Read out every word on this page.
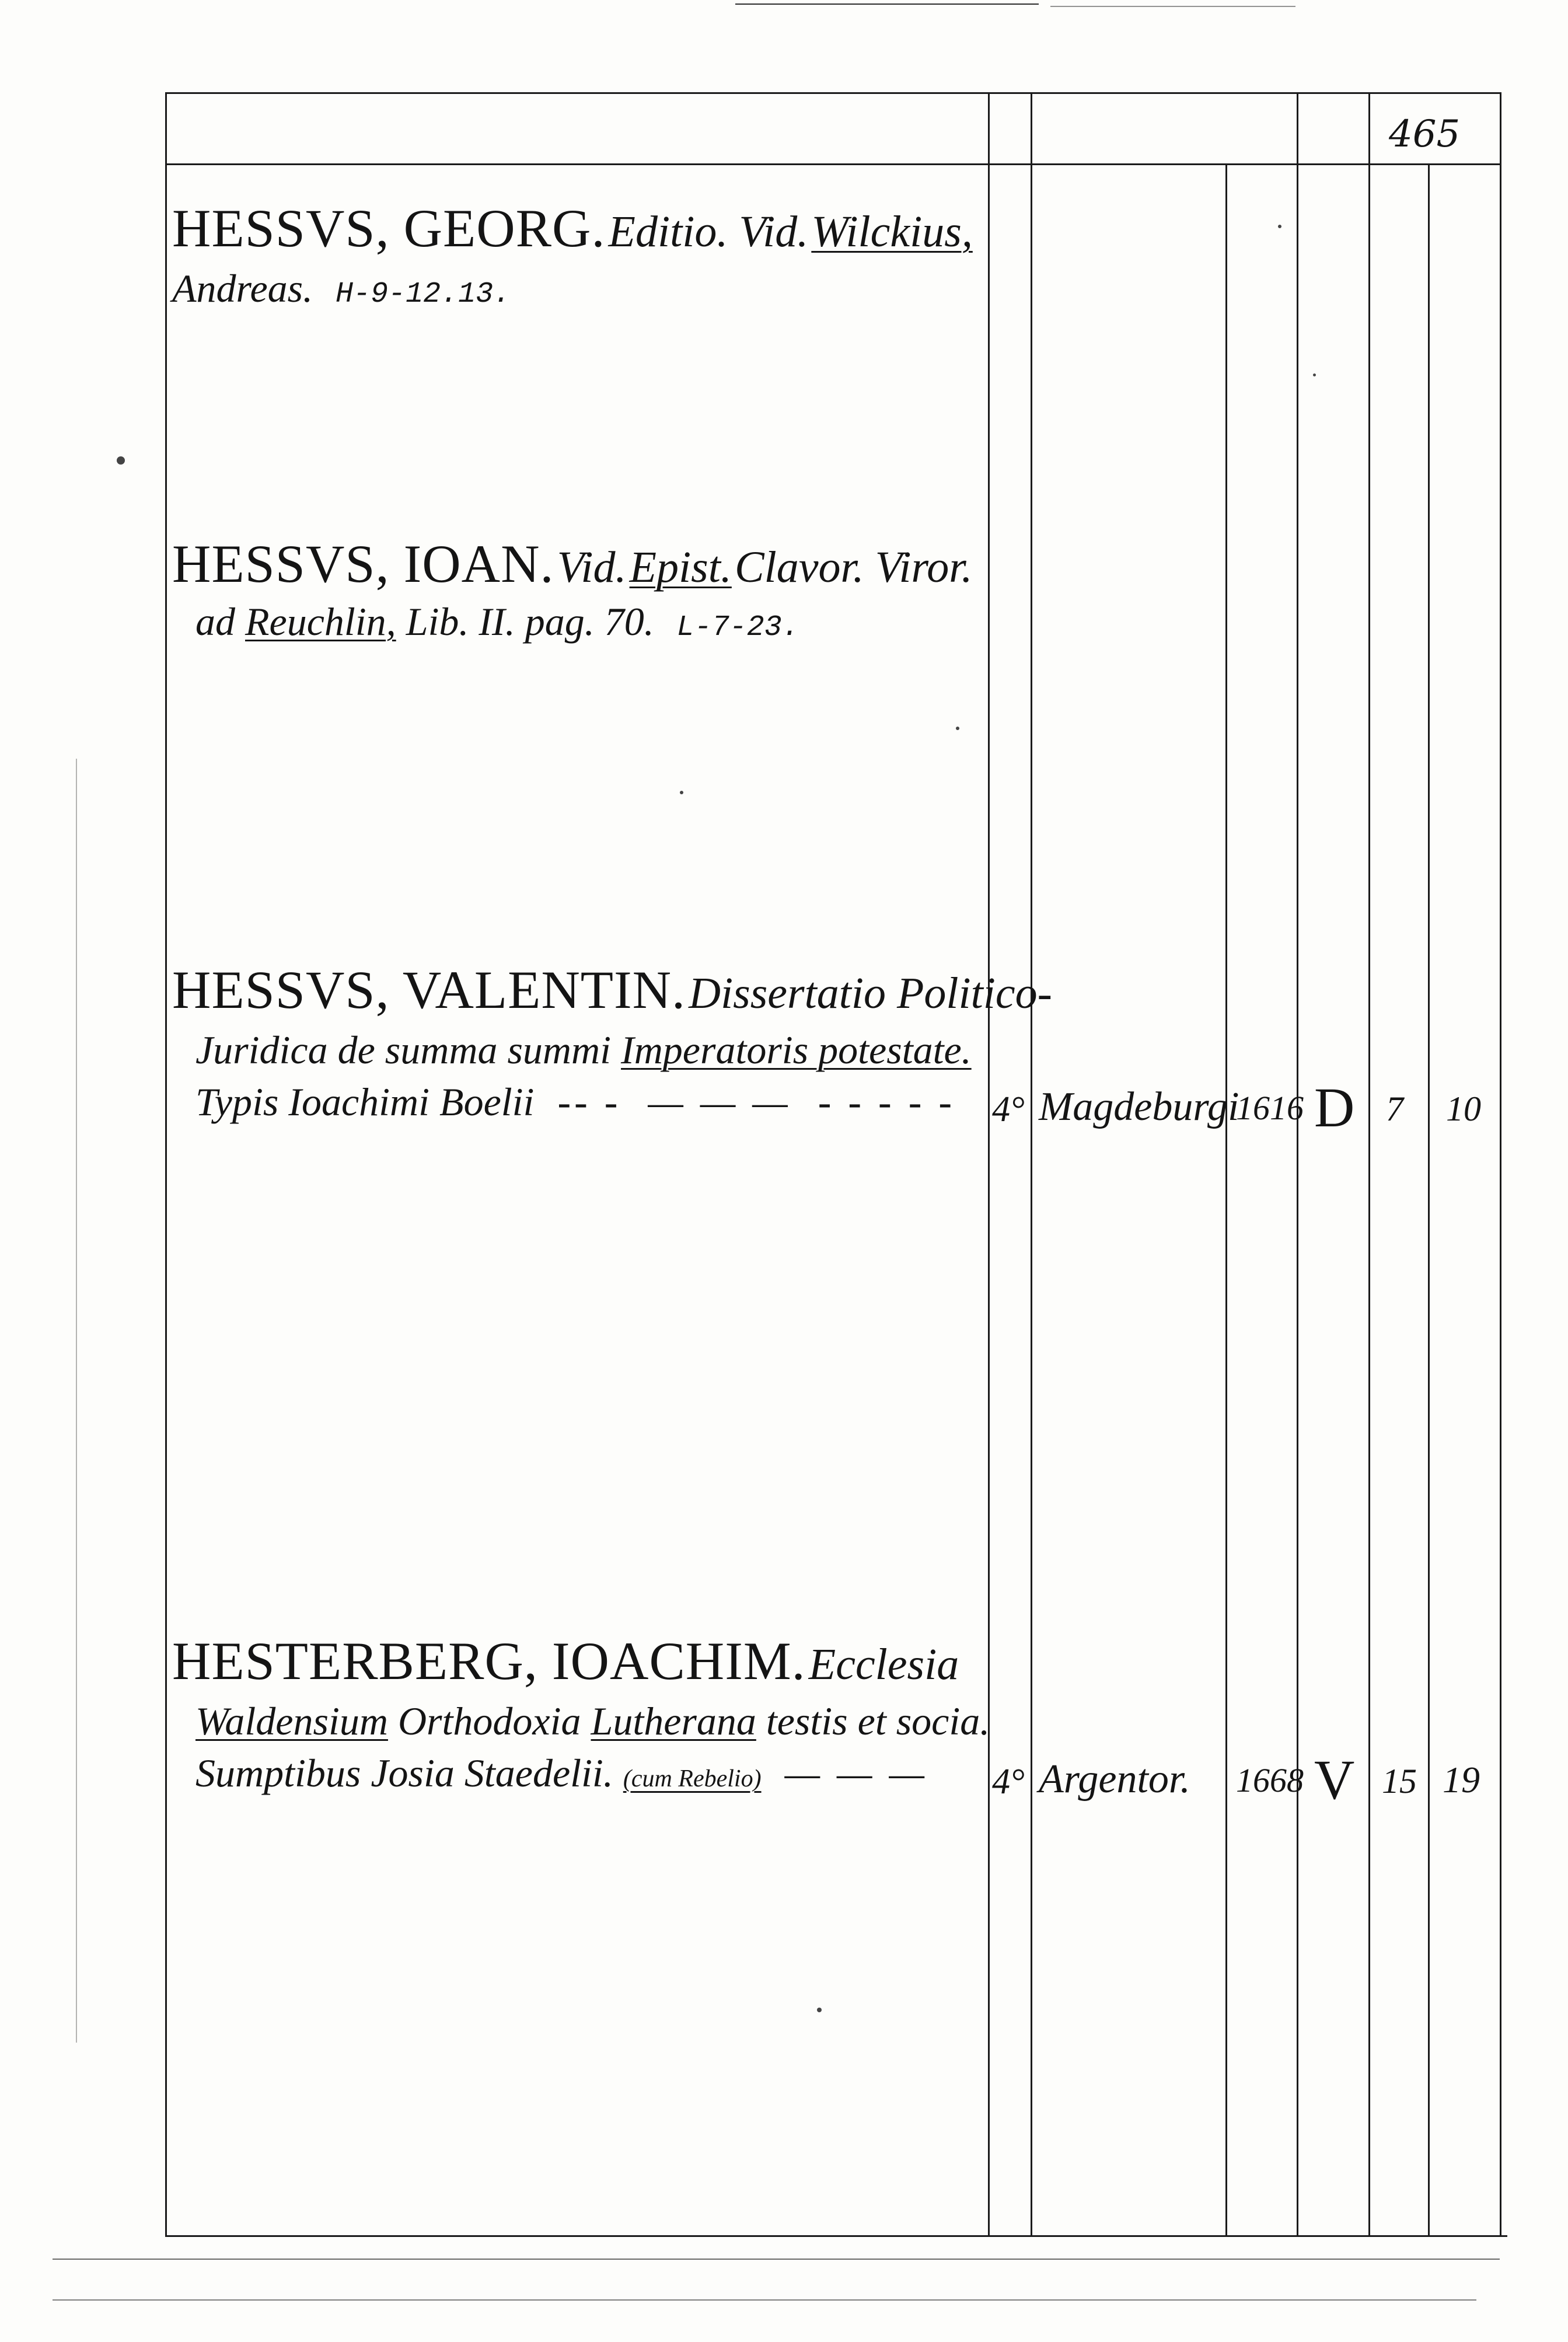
465
HESSVS, GEORG. Editio. Vid. Wilckius,
Andreas. H-9-12.13.
HESSVS, IOAN. Vid. Epist. Clavor. Viror.
ad Reuchlin, Lib. II. pag. 70. L-7-23.
HESSVS, VALENTIN. Dissertatio Politico-
Juridica de summa summi Imperatoris potestate.
Typis Ioachimi Boelii  -- -  — — —  - - - - -	4° Magdeburgi
1616 D 7 10
HESTERBERG, IOACHIM. Ecclesia
Waldensium Orthodoxia Lutherana testis et socia.
Sumptibus Josia Staedelii. (cum Rebelio)  — — —	4° Argentor. 1668 V 15 19
